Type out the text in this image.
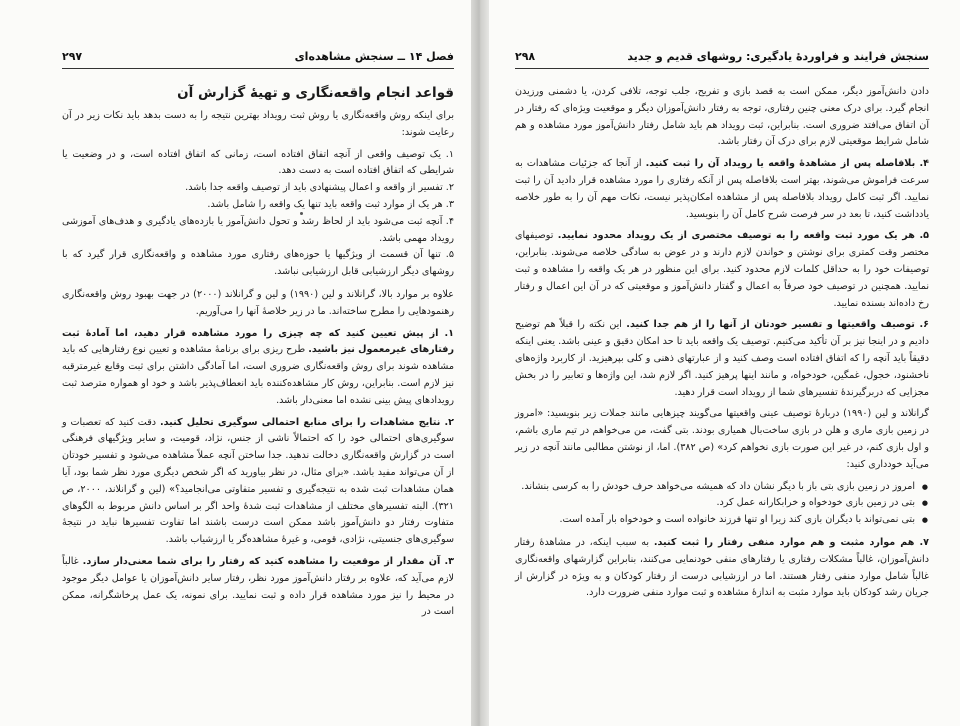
فصل ۱۴ ــ سنجش مشاهده‌ای
۲۹۷
قواعد انجام واقعه‌نگاری و تهیهٔ گزارش آن

برای اینکه روش واقعه‌نگاری یا روش ثبت رویداد بهترین نتیجه را به دست بدهد باید نکات زیر در آن رعایت شوند:

۱. یک توصیف واقعی از آنچه اتفاق افتاده است، زمانی که اتفاق افتاده است، و در وضعیت یا شرایطی که اتفاق افتاده است به دست دهد.

۲. تفسیر از واقعه و اعمال پیشنهادی باید از توصیف واقعه جدا باشد.

۳. هر یک از موارد ثبت واقعه باید تنها یک واقعه را شامل باشد.

۴. آنچه ثبت می‌شود باید از لحاظ رشد و تحول دانش‌آموز یا بازده‌های یادگیری و هدف‌های آموزشی رویداد مهمی باشد.

۵. تنها آن قسمت از ویژگیها یا حوزه‌های رفتاری مورد مشاهده و واقعه‌نگاری قرار گیرد که با روشهای دیگر ارزشیابی قابل ارزشیابی نباشد.

علاوه بر موارد بالا، گرانلاند و لین (۱۹۹۰) و لین و گرانلاند (۲۰۰۰) در جهت بهبود روش واقعه‌نگاری رهنمودهایی را مطرح ساخته‌اند. ما در زیر خلاصهٔ آنها را می‌آوریم.

۱. از پیش تعیین کنید که چه چیزی را مورد مشاهده قرار دهید، اما آمادهٔ ثبت رفتارهای غیرمعمول نیز باشید. طرح ریزی برای برنامهٔ مشاهده و تعیین نوع رفتارهایی که باید مشاهده شوند برای روش واقعه‌نگاری ضروری است، اما آمادگی داشتن برای ثبت وقایع غیرمترقبه نیز لازم است. بنابراین، روش کار مشاهده‌کننده باید انعطاف‌پذیر باشد و خود او همواره مترصد ثبت رویدادهای پیش بینی نشده اما معنی‌دار باشد.

۲. نتایج مشاهدات را برای منابع احتمالی سوگیری تحلیل کنید. دقت کنید که تعصبات و سوگیری‌های احتمالی خود را که احتمالاً ناشی از جنس، نژاد، قومیت، و سایر ویژگیهای فرهنگی است در گزارش واقعه‌نگاری دخالت ندهید. جدا ساختن آنچه عملاً مشاهده می‌شود و تفسیر خودتان از آن می‌تواند مفید باشد. «برای مثال، در نظر بیاورید که اگر شخص دیگری مورد نظر شما بود، آیا همان مشاهدات ثبت شده به نتیجه‌گیری و تفسیر متفاوتی می‌انجامید؟» (لین و گرانلاند، ۲۰۰۰، ص ۳۲۱). البته تفسیرهای مختلف از مشاهدات ثبت شدهٔ واحد اگر بر اساس دانش مربوط به الگوهای متفاوت رفتار دو دانش‌آموز باشد ممکن است درست باشند اما تفاوت تفسیرها نباید در نتیجهٔ سوگیری‌های جنسیتی، نژادی، قومی، و غیرهٔ مشاهده‌گر یا ارزشیاب باشد.

۳. آن مقدار از موقعیت را مشاهده کنید که رفتار را برای شما معنی‌دار سازد. غالباً لازم می‌آید که، علاوه بر رفتار دانش‌آموز مورد نظر، رفتار سایر دانش‌آموزان یا عوامل دیگر موجود در محیط را نیز مورد مشاهده قرار داده و ثبت نمایید. برای نمونه، یک عمل پرخاشگرانه، ممکن است در

سنجش فرایند و فراوردهٔ یادگیری: روشهای قدیم و جدید
۲۹۸

دادن دانش‌آموز دیگر، ممکن است به قصد بازی و تفریح، جلب توجه، تلافی کردن، یا دشمنی ورزیدن انجام گیرد. برای درک معنی چنین رفتاری، توجه به رفتار دانش‌آموزان دیگر و موقعیت ویژه‌ای که رفتار در آن اتفاق می‌افتد ضروری است. بنابراین، ثبت رویداد هم باید شامل رفتار دانش‌آموز مورد مشاهده و هم شامل شرایط موقعیتی لازم برای درک آن رفتار باشد.

۴. بلافاصله پس از مشاهدهٔ واقعه یا رویداد آن را ثبت کنید. از آنجا که جزئیات مشاهدات به سرعت فراموش می‌شوند، بهتر است بلافاصله پس از آنکه رفتاری را مورد مشاهده قرار دادید آن را ثبت نمایید. اگر ثبت کامل رویداد بلافاصله پس از مشاهده امکان‌پذیر نیست، نکات مهم آن را به طور خلاصه یادداشت کنید، تا بعد در سر فرصت شرح کامل آن را بنویسید.

۵. هر یک مورد ثبت واقعه را به توصیف مختصری از یک رویداد محدود نمایید. توصیفهای مختصر وقت کمتری برای نوشتن و خواندن لازم دارند و در عوض به سادگی خلاصه می‌شوند. بنابراین، توصیفات خود را به حداقل کلمات لازم محدود کنید. برای این منظور در هر یک واقعه را مشاهده و ثبت نمایید. همچنین در توصیف خود صرفاً به اعمال و گفتار دانش‌آموز و موقعیتی که در آن این اعمال و رفتار رخ داده‌اند بسنده نمایید.

۶. توصیف واقعیتها و تفسیر خودتان از آنها را از هم جدا کنید. این نکته را قبلاً هم توضیح دادیم و در اینجا نیز بر آن تأکید می‌کنیم. توصیف یک واقعه باید تا حد امکان دقیق و عینی باشد. یعنی اینکه دقیقاً باید آنچه را که اتفاق افتاده است وصف کنید و از عبارتهای ذهنی و کلی بپرهیزید. از کاربرد واژه‌های ناخشنود، خجول، غمگین، خودخواه، و مانند اینها پرهیز کنید. اگر لازم شد، این واژه‌ها و تعابیر را در بخش مجزایی که دربرگیرندهٔ تفسیرهای شما از رویداد است قرار دهید.

گرانلاند و لین (۱۹۹۰) دربارهٔ توصیف عینی واقعیتها می‌گویند چیزهایی مانند جملات زیر بنویسید: «امروز در زمین بازی ماری و هلن در بازی ساخت‌بال همیاری بودند. بتی گفت، من می‌خواهم در تیم ماری باشم، و اول بازی کنم، در غیر این صورت بازی نخواهم کرد» (ص ۳۸۲). اما، از نوشتن مطالبی مانند آنچه در زیر می‌آید خودداری کنید:

● امروز در زمین بازی بتی باز با دیگر نشان داد که همیشه می‌خواهد حرف خودش را به کرسی بنشاند.
● بتی در زمین بازی خودخواه و خرابکارانه عمل کرد.
● بتی نمی‌تواند با دیگران بازی کند زیرا او تنها فرزند خانواده است و خودخواه بار آمده است.

۷. هم موارد مثبت و هم موارد منفی رفتار را ثبت کنید. به سبب اینکه، در مشاهدهٔ رفتار دانش‌آموزان، غالباً مشکلات رفتاری یا رفتارهای منفی خودنمایی می‌کنند، بنابراین گزارشهای واقعه‌نگاری غالباً شامل موارد منفی رفتار هستند. اما در ارزشیابی درست از رفتار کودکان و به ویژه در گزارش از جریان رشد کودکان باید موارد مثبت به اندازهٔ مشاهده و ثبت موارد منفی ضرورت دارد.
